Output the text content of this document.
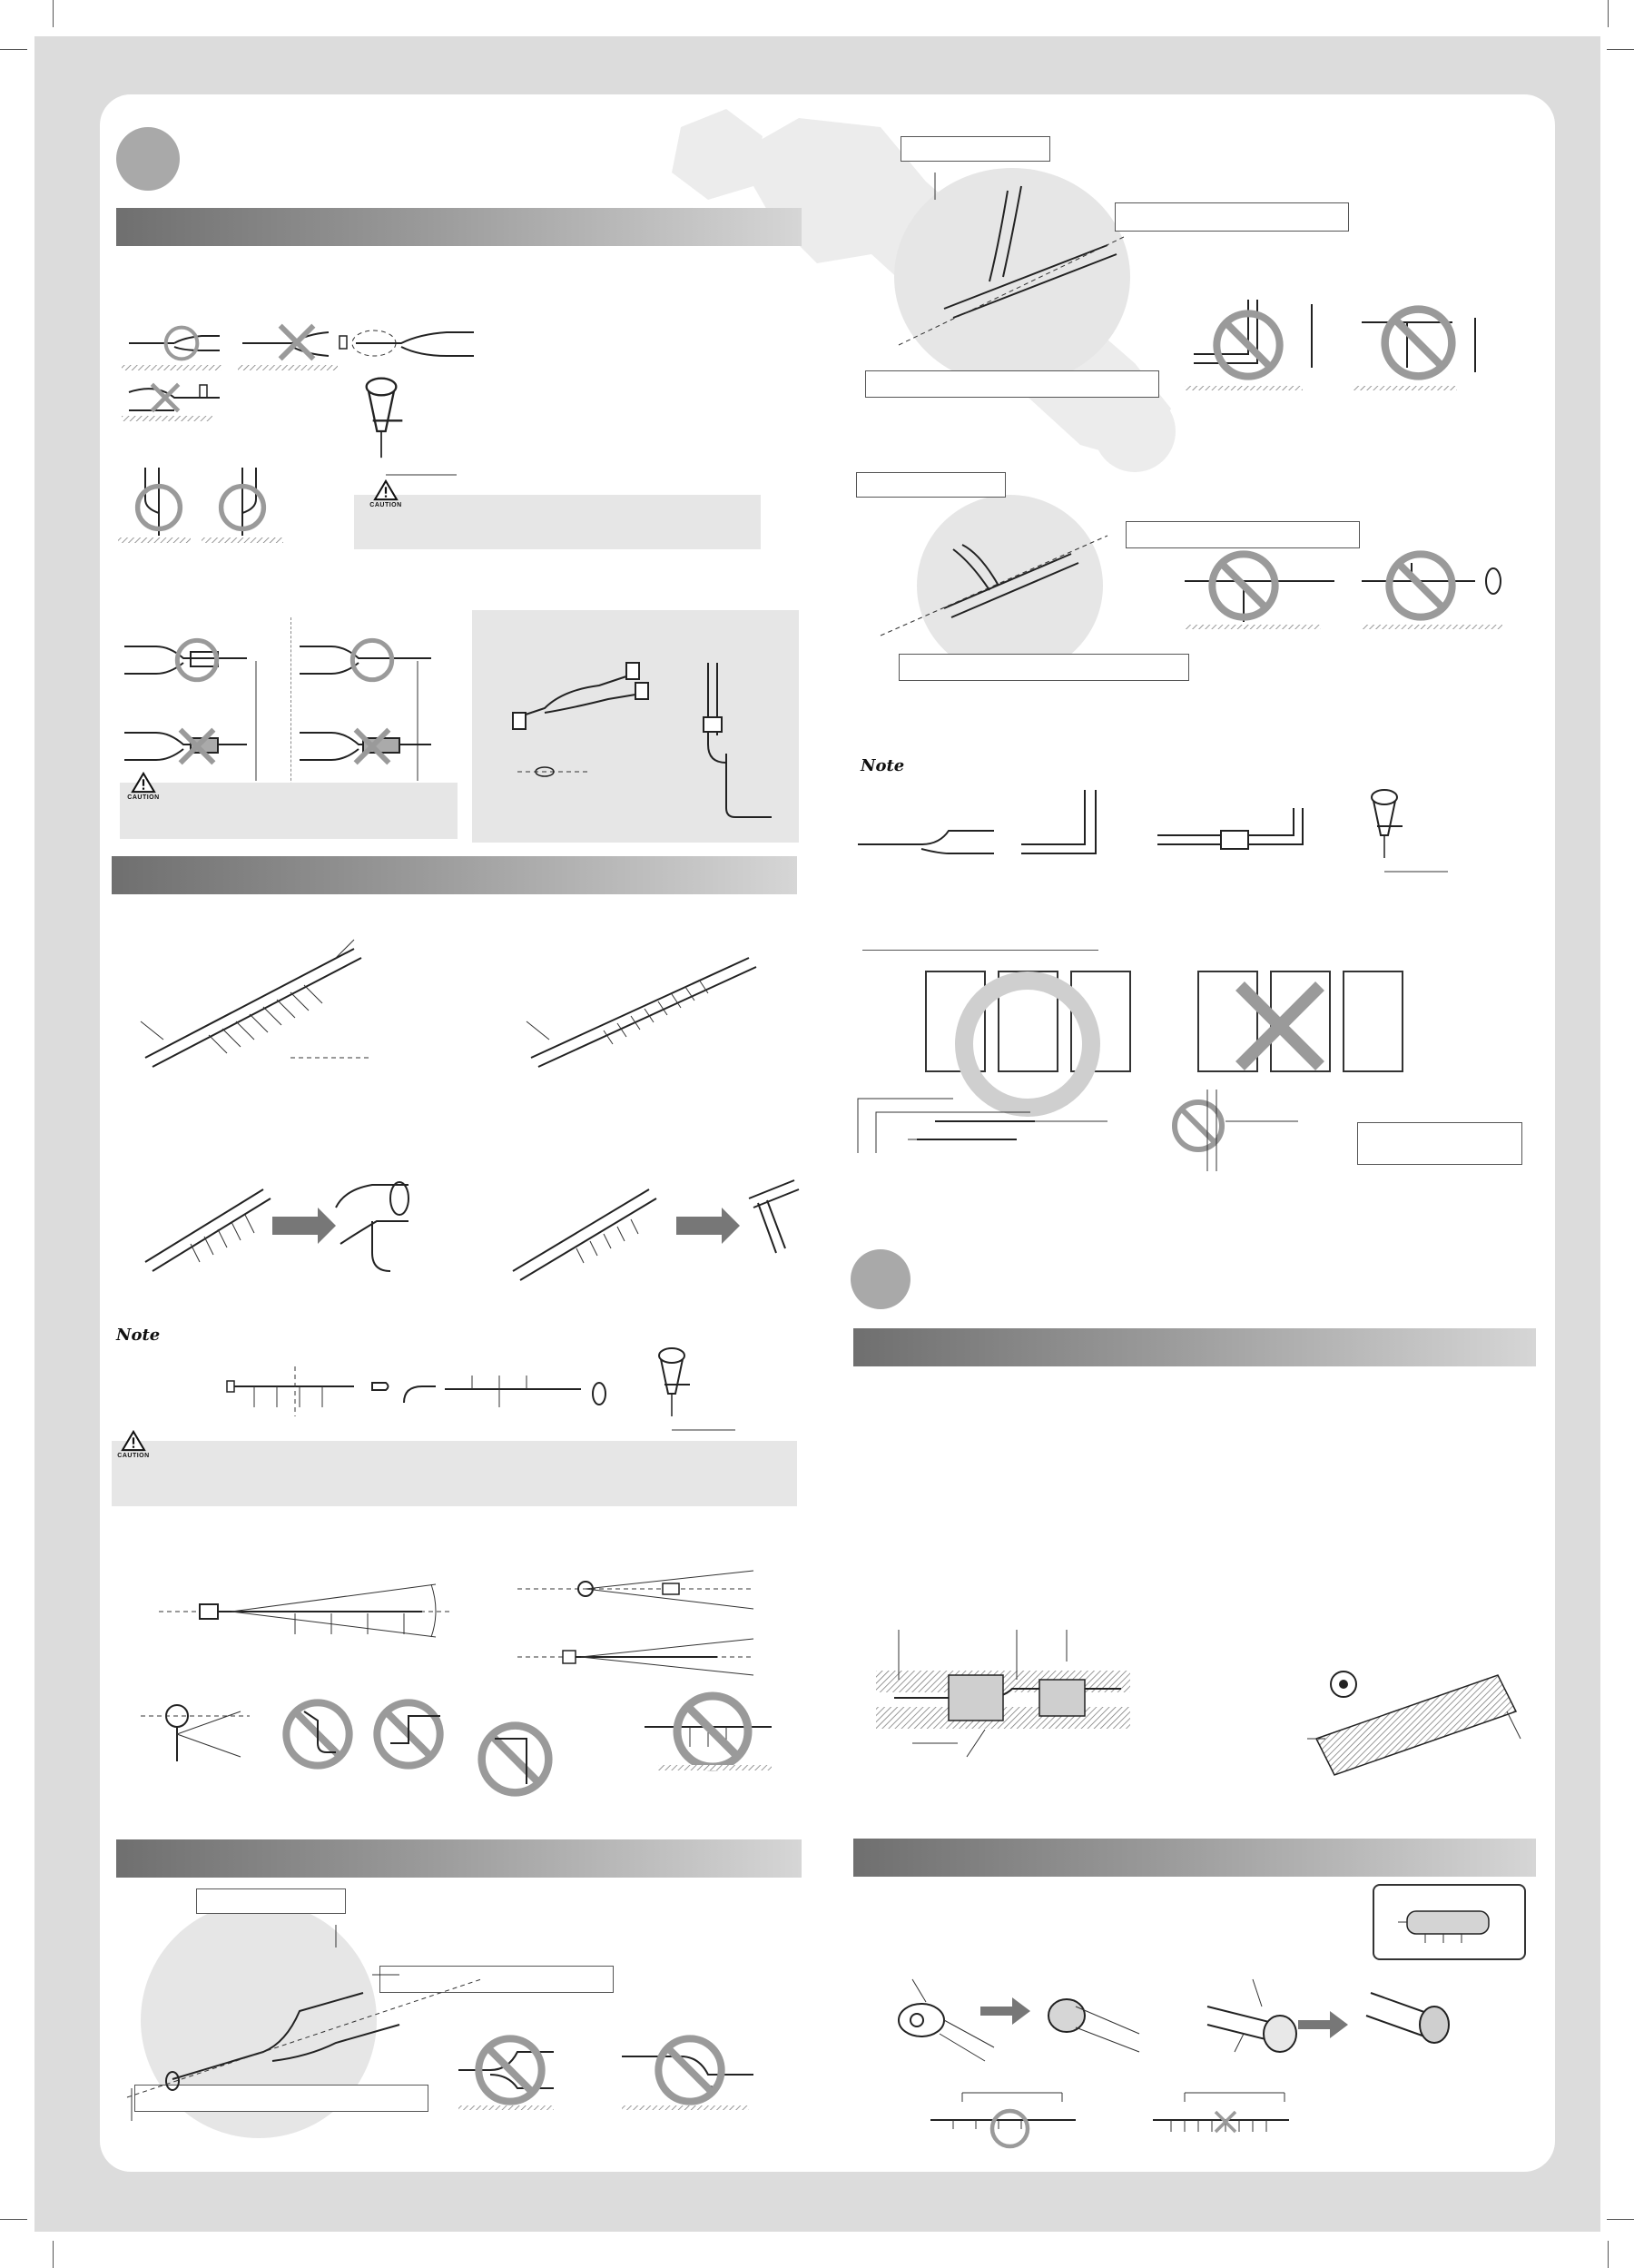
CAUTION
CAUTION
Note
CAUTION
Note
